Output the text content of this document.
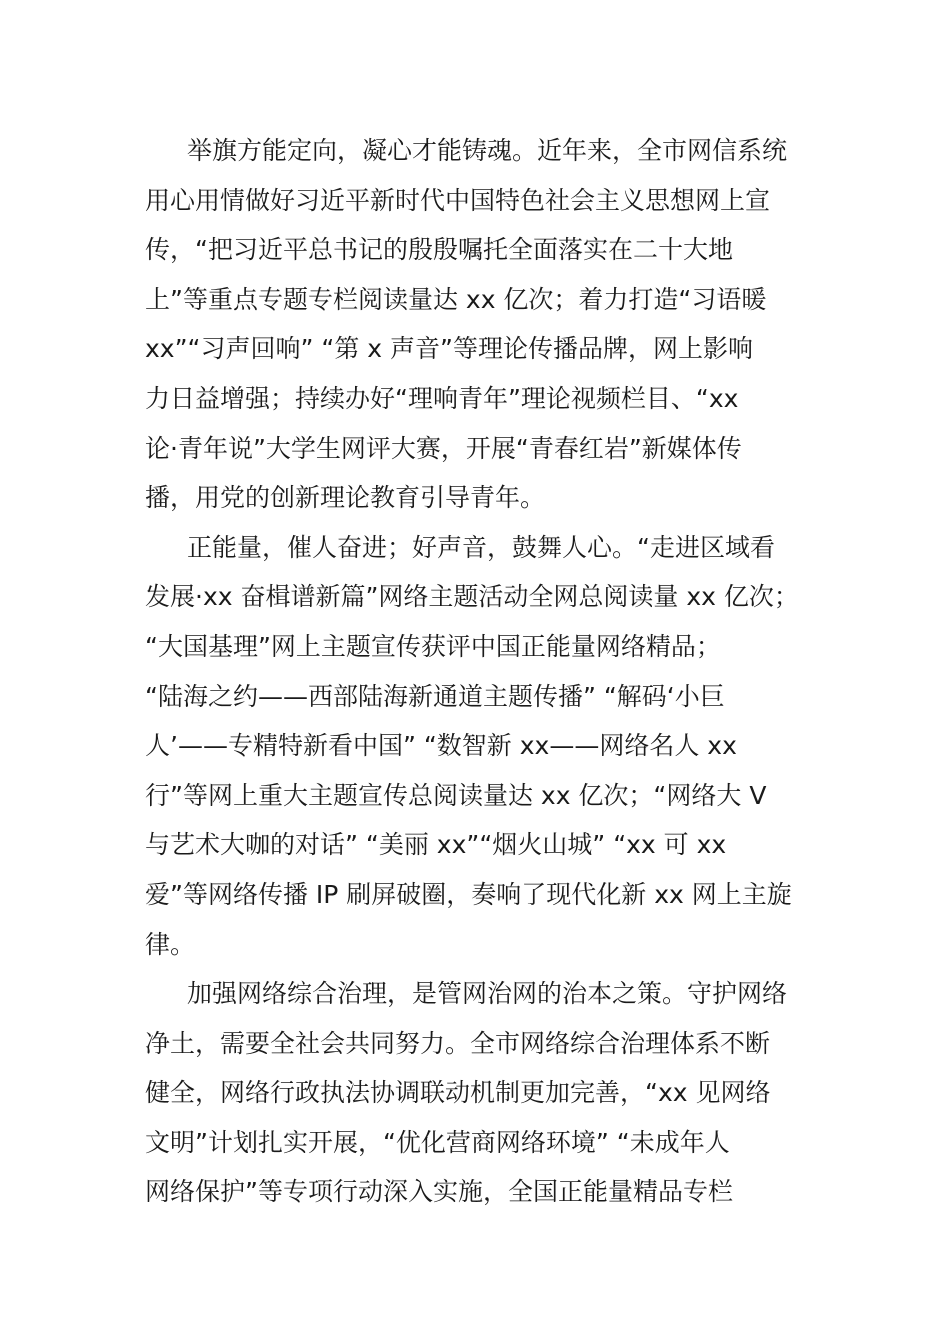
举旗方能定向，凝心才能铸魂。近年来，全市网信系统
用心用情做好习近平新时代中国特色社会主义思想网上宣
传，“把习近平总书记的殷殷嘱托全面落实在二十大地
上”等重点专题专栏阅读量达 xx 亿次；着力打造“习语暖
xx”“习声回响” “第 x 声音”等理论传播品牌，网上影响
力日益增强；持续办好“理响青年”理论视频栏目、“xx
论·青年说”大学生网评大赛，开展“青春红岩”新媒体传
播，用党的创新理论教育引导青年。
正能量，催人奋进；好声音，鼓舞人心。“走进区域看
发展·xx 奋楫谱新篇”网络主题活动全网总阅读量 xx 亿次；
“大国基理”网上主题宣传获评中国正能量网络精品；
“陆海之约——西部陆海新通道主题传播” “解码‘小巨
人’——专精特新看中国” “数智新 xx——网络名人 xx
行”等网上重大主题宣传总阅读量达 xx 亿次；“网络大 V
与艺术大咖的对话” “美丽 xx”“烟火山城” “xx 可 xx
爱”等网络传播 IP 刷屏破圈，奏响了现代化新 xx 网上主旋
律。
加强网络综合治理，是管网治网的治本之策。守护网络
净土，需要全社会共同努力。全市网络综合治理体系不断
健全，网络行政执法协调联动机制更加完善，“xx 见网络
文明”计划扎实开展，“优化营商网络环境” “未成年人
网络保护”等专项行动深入实施，全国正能量精品专栏
